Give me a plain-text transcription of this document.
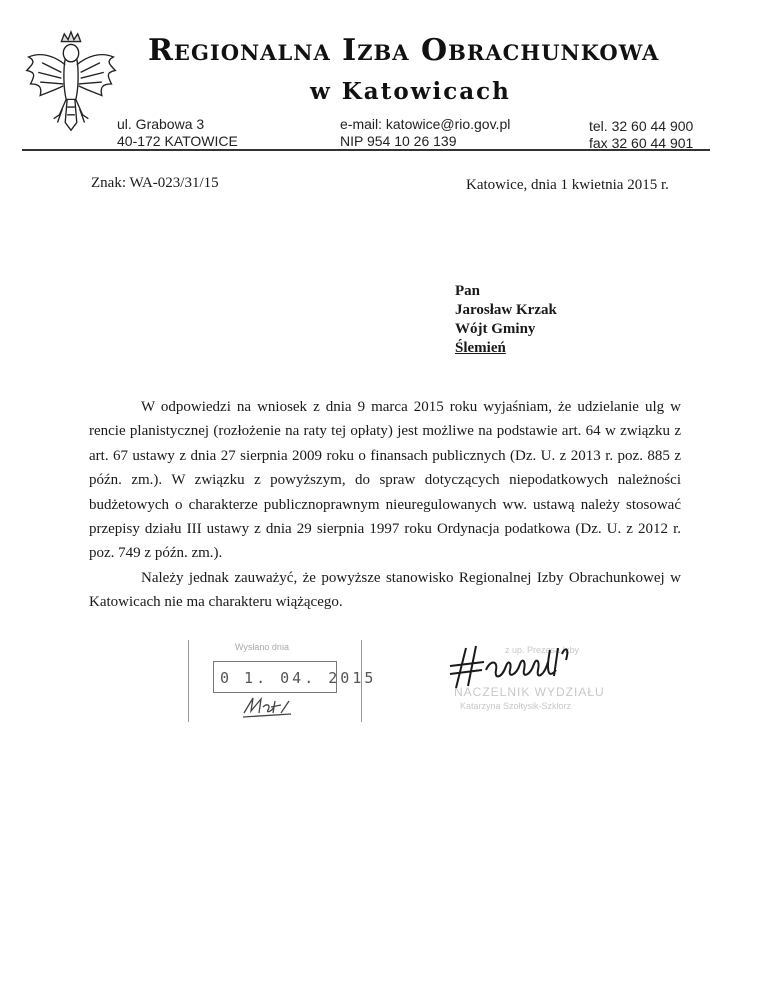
Regionalna Izba Obrachunkowa
w Katowicach
ul. Grabowa 3
40-172 KATOWICE
e-mail: katowice@rio.gov.pl
NIP 954 10 26 139
tel. 32 60 44 900
fax 32 60 44 901
Znak: WA-023/31/15	Katowice, dnia 1 kwietnia 2015 r.
Pan
Jarosław Krzak
Wójt Gminy
Ślemień

W odpowiedzi na wniosek z dnia 9 marca 2015 roku wyjaśniam, że udzielanie ulg w rencie planistycznej (rozłożenie na raty tej opłaty) jest możliwe na podstawie art. 64 w związku z art. 67 ustawy z dnia 27 sierpnia 2009 roku o finansach publicznych (Dz. U. z 2013 r. poz. 885 z późn. zm.). W związku z powyższym, do spraw dotyczących niepodatkowych należności budżetowych o charakterze publicznoprawnym nieuregulowanych ww. ustawą należy stosować przepisy działu III ustawy z dnia 29 sierpnia 1997 roku Ordynacja podatkowa (Dz. U. z 2012 r. poz. 749 z późn. zm.).

Należy jednak zauważyć, że powyższe stanowisko Regionalnej Izby Obrachunkowej w Katowicach nie ma charakteru wiążącego.

Wysłano dnia
0 1. 04. 2015
z up. Prezesa Izby
NACZELNIK WYDZIAŁU
Katarzyna Szołtysik-Szklorz
